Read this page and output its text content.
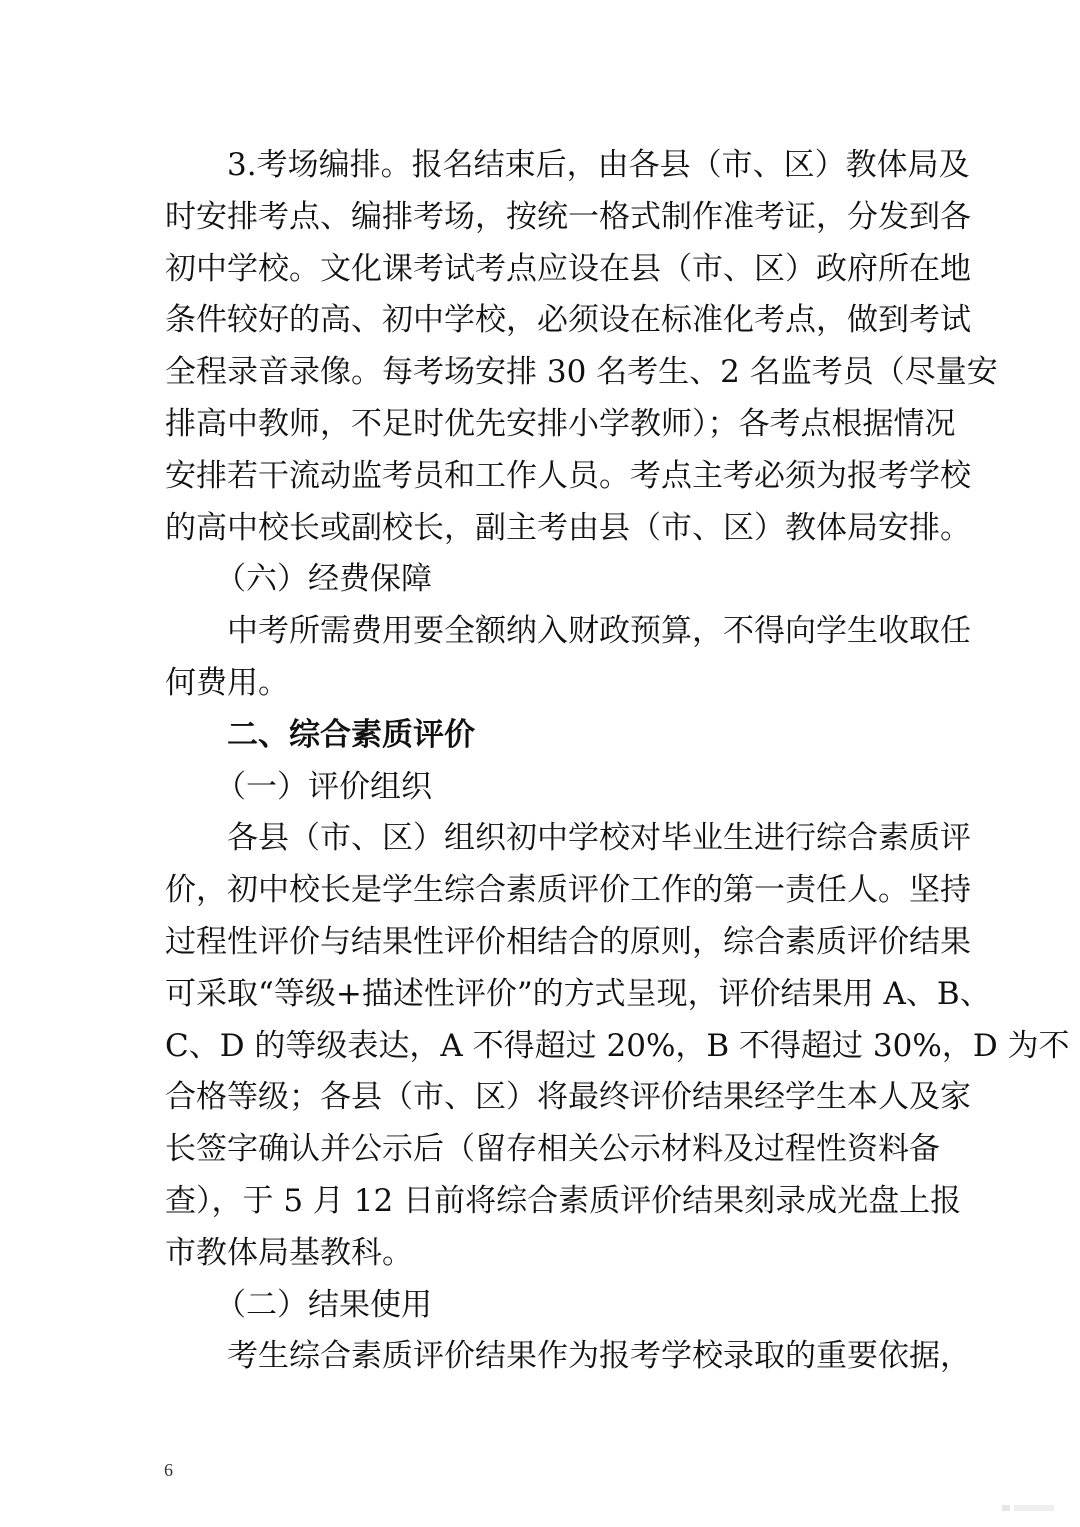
3.考场编排。报名结束后，由各县（市、区）教体局及
时安排考点、编排考场，按统一格式制作准考证，分发到各
初中学校。文化课考试考点应设在县（市、区）政府所在地
条件较好的高、初中学校，必须设在标准化考点，做到考试
全程录音录像。每考场安排 30 名考生、2 名监考员（尽量安
排高中教师，不足时优先安排小学教师）；各考点根据情况
安排若干流动监考员和工作人员。考点主考必须为报考学校
的高中校长或副校长，副主考由县（市、区）教体局安排。
（六）经费保障
中考所需费用要全额纳入财政预算，不得向学生收取任
何费用。
二、综合素质评价
（一）评价组织
各县（市、区）组织初中学校对毕业生进行综合素质评
价，初中校长是学生综合素质评价工作的第一责任人。坚持
过程性评价与结果性评价相结合的原则，综合素质评价结果
可采取“等级+描述性评价”的方式呈现，评价结果用 A、B、
C、D 的等级表达，A 不得超过 20%，B 不得超过 30%，D 为不
合格等级；各县（市、区）将最终评价结果经学生本人及家
长签字确认并公示后（留存相关公示材料及过程性资料备
查），于 5 月 12 日前将综合素质评价结果刻录成光盘上报
市教体局基教科。
（二）结果使用
考生综合素质评价结果作为报考学校录取的重要依据，
6
